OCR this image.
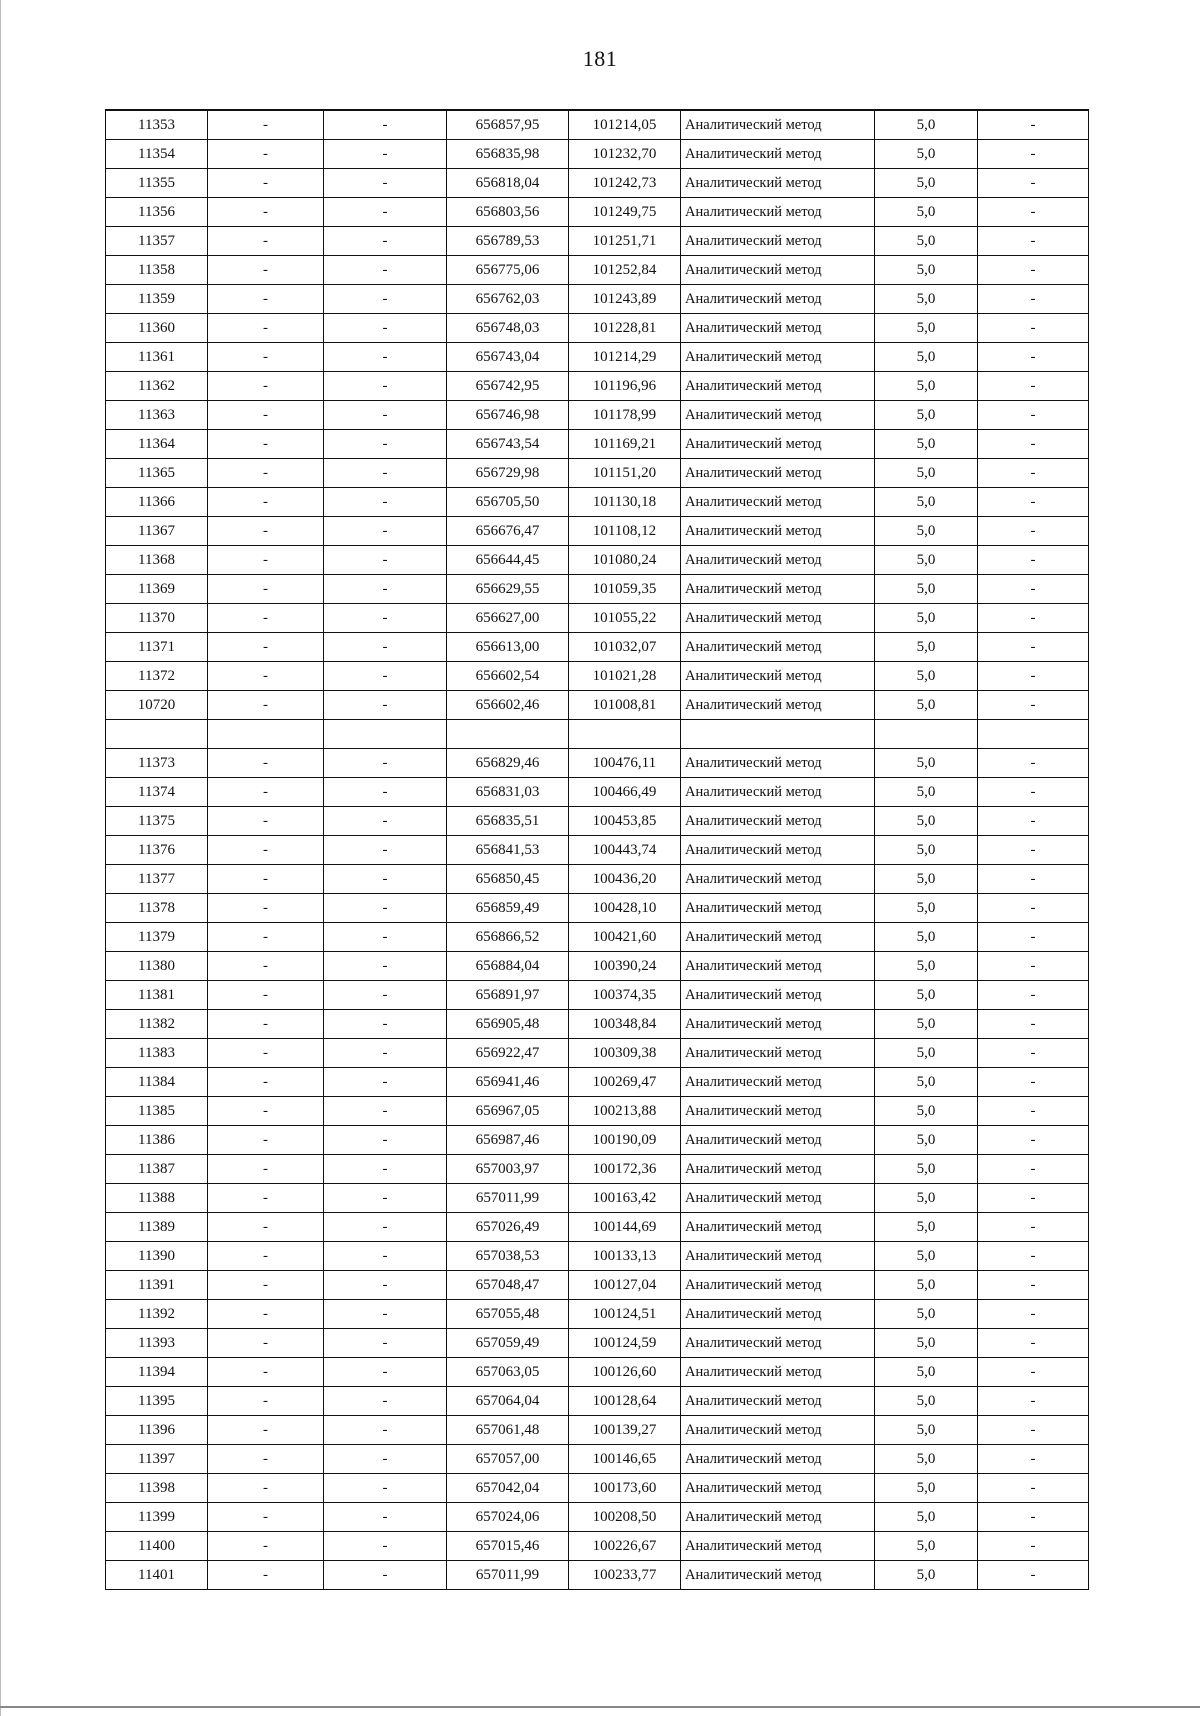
181
11353	-	-	656857,95	101214,05	Аналитический метод	5,0	-
11354	-	-	656835,98	101232,70	Аналитический метод	5,0	-
11355	-	-	656818,04	101242,73	Аналитический метод	5,0	-
11356	-	-	656803,56	101249,75	Аналитический метод	5,0	-
11357	-	-	656789,53	101251,71	Аналитический метод	5,0	-
11358	-	-	656775,06	101252,84	Аналитический метод	5,0	-
11359	-	-	656762,03	101243,89	Аналитический метод	5,0	-
11360	-	-	656748,03	101228,81	Аналитический метод	5,0	-
11361	-	-	656743,04	101214,29	Аналитический метод	5,0	-
11362	-	-	656742,95	101196,96	Аналитический метод	5,0	-
11363	-	-	656746,98	101178,99	Аналитический метод	5,0	-
11364	-	-	656743,54	101169,21	Аналитический метод	5,0	-
11365	-	-	656729,98	101151,20	Аналитический метод	5,0	-
11366	-	-	656705,50	101130,18	Аналитический метод	5,0	-
11367	-	-	656676,47	101108,12	Аналитический метод	5,0	-
11368	-	-	656644,45	101080,24	Аналитический метод	5,0	-
11369	-	-	656629,55	101059,35	Аналитический метод	5,0	-
11370	-	-	656627,00	101055,22	Аналитический метод	5,0	-
11371	-	-	656613,00	101032,07	Аналитический метод	5,0	-
11372	-	-	656602,54	101021,28	Аналитический метод	5,0	-
10720	-	-	656602,46	101008,81	Аналитический метод	5,0	-

11373	-	-	656829,46	100476,11	Аналитический метод	5,0	-
11374	-	-	656831,03	100466,49	Аналитический метод	5,0	-
11375	-	-	656835,51	100453,85	Аналитический метод	5,0	-
11376	-	-	656841,53	100443,74	Аналитический метод	5,0	-
11377	-	-	656850,45	100436,20	Аналитический метод	5,0	-
11378	-	-	656859,49	100428,10	Аналитический метод	5,0	-
11379	-	-	656866,52	100421,60	Аналитический метод	5,0	-
11380	-	-	656884,04	100390,24	Аналитический метод	5,0	-
11381	-	-	656891,97	100374,35	Аналитический метод	5,0	-
11382	-	-	656905,48	100348,84	Аналитический метод	5,0	-
11383	-	-	656922,47	100309,38	Аналитический метод	5,0	-
11384	-	-	656941,46	100269,47	Аналитический метод	5,0	-
11385	-	-	656967,05	100213,88	Аналитический метод	5,0	-
11386	-	-	656987,46	100190,09	Аналитический метод	5,0	-
11387	-	-	657003,97	100172,36	Аналитический метод	5,0	-
11388	-	-	657011,99	100163,42	Аналитический метод	5,0	-
11389	-	-	657026,49	100144,69	Аналитический метод	5,0	-
11390	-	-	657038,53	100133,13	Аналитический метод	5,0	-
11391	-	-	657048,47	100127,04	Аналитический метод	5,0	-
11392	-	-	657055,48	100124,51	Аналитический метод	5,0	-
11393	-	-	657059,49	100124,59	Аналитический метод	5,0	-
11394	-	-	657063,05	100126,60	Аналитический метод	5,0	-
11395	-	-	657064,04	100128,64	Аналитический метод	5,0	-
11396	-	-	657061,48	100139,27	Аналитический метод	5,0	-
11397	-	-	657057,00	100146,65	Аналитический метод	5,0	-
11398	-	-	657042,04	100173,60	Аналитический метод	5,0	-
11399	-	-	657024,06	100208,50	Аналитический метод	5,0	-
11400	-	-	657015,46	100226,67	Аналитический метод	5,0	-
11401	-	-	657011,99	100233,77	Аналитический метод	5,0	-
